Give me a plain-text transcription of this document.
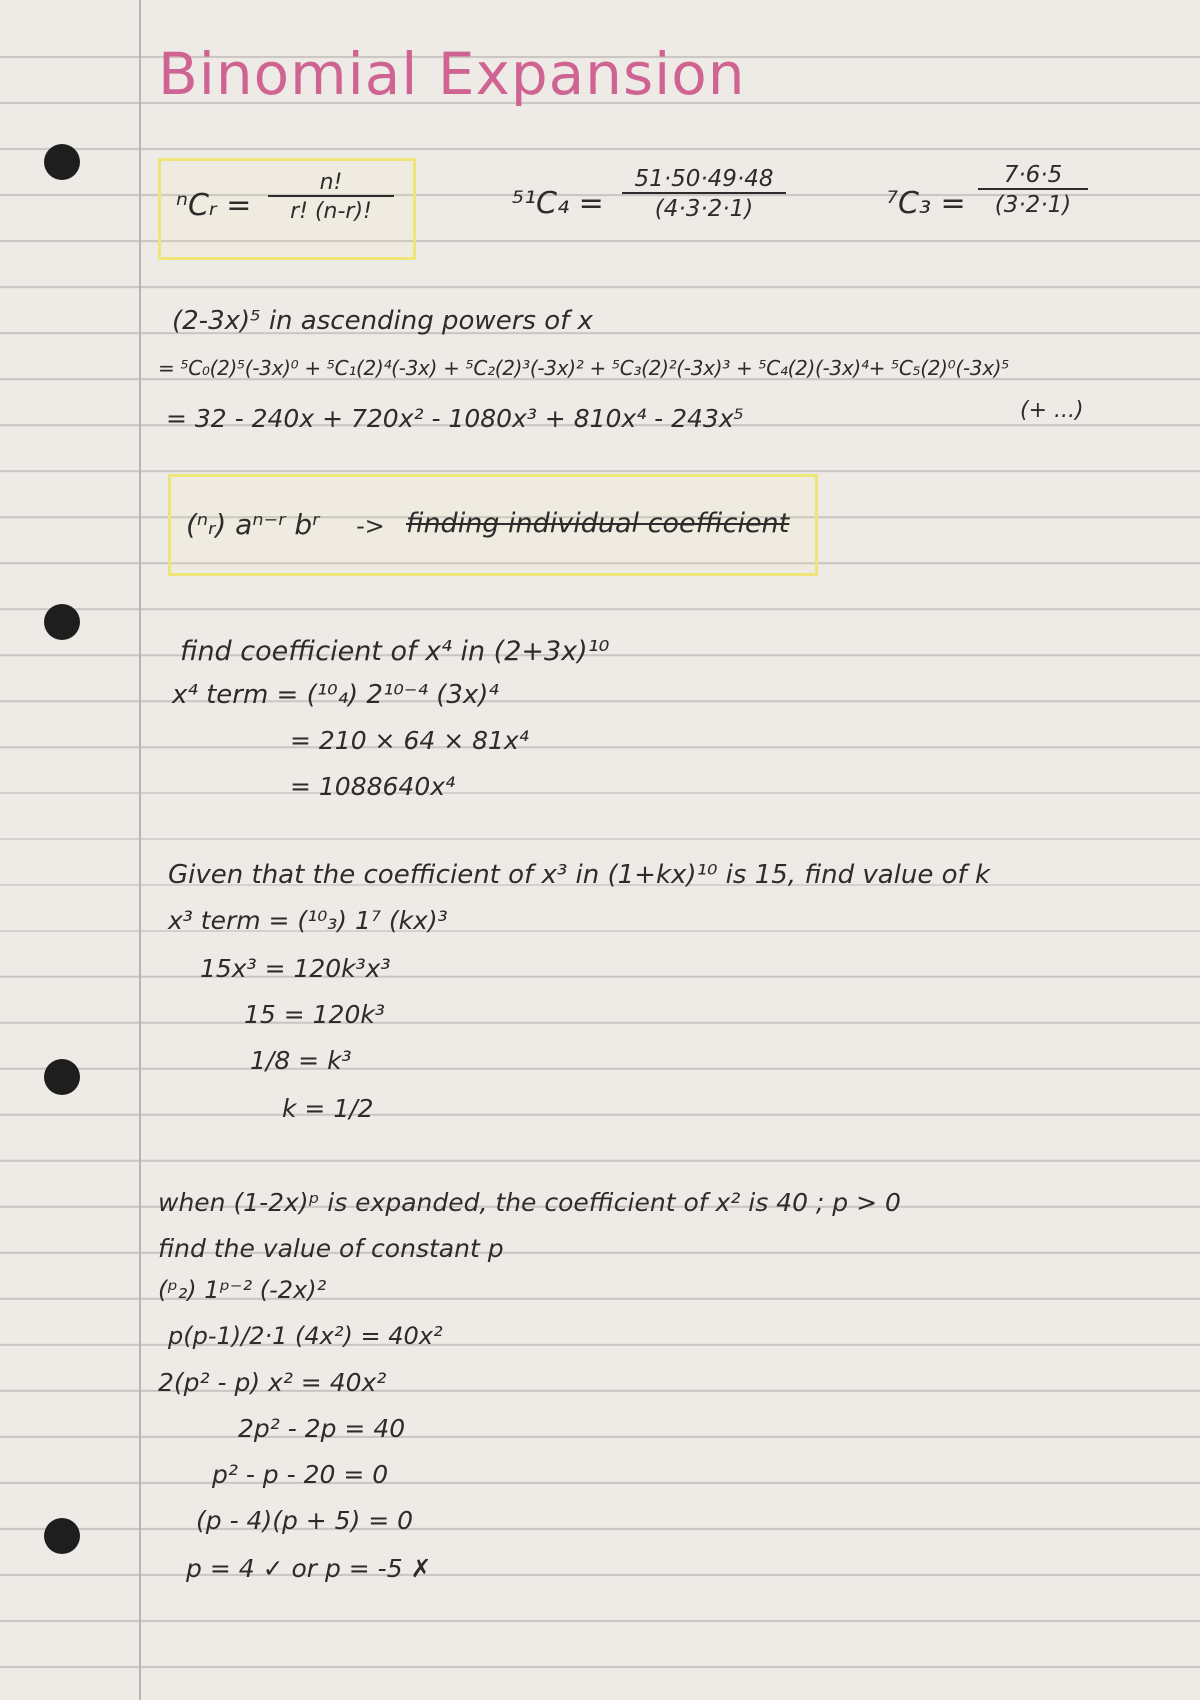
Binomial Expansion
ⁿCᵣ = $\frac{n!}{r! (n-r)!}$	$^{51}C_4 = \frac{51\cdot 50\cdot 49\cdot 48}{(4\cdot 3\cdot 2\cdot 1)}$	$^7C_3 = \frac{7\cdot 6\cdot 5}{(3\cdot 2\cdot 1)}$
(2-3x)⁵ in ascending powers of x
= ⁵C₀(2)⁵(-3x)⁰ + ⁵C₁(2)⁴(-3x) + ⁵C₂(2)³(-3x)² + ⁵C₃(2)²(-3x)³ + ⁵C₄(2)(-3x)⁴+ ⁵C₅(2)⁰(-3x)⁵
= 32 - 240x + 720x² - 1080x³ + 810x⁴ - 243x⁵	(+ ...)
(ⁿᵣ) aⁿ⁻ʳ bʳ -> finding individual coefficient
find coefficient of x⁴ in (2+3x)¹⁰
x⁴ term = (¹⁰₄) 2¹⁰⁻⁴ (3x)⁴
= 210 × 64 × 81x⁴
= 1088640x⁴
Given that the coefficient of x³ in (1+kx)¹⁰ is 15, find value of k
x³ term = (¹⁰₃) 1⁷ (kx)³
15x³ = 120k³x³
15 = 120k³
1/8 = k³
k = 1/2
when (1-2x)ᵖ is expanded, the coefficient of x² is 40 ; p > 0
find the value of constant p
(ᵖ₂) 1ᵖ⁻² (-2x)²
p(p-1)/2·1 (4x²) = 40x²
2(p² - p) x² = 40x²
2p² - 2p = 40
p² - p - 20 = 0
(p - 4)(p + 5) = 0
p = 4 ✓ or p = -5 ✗
